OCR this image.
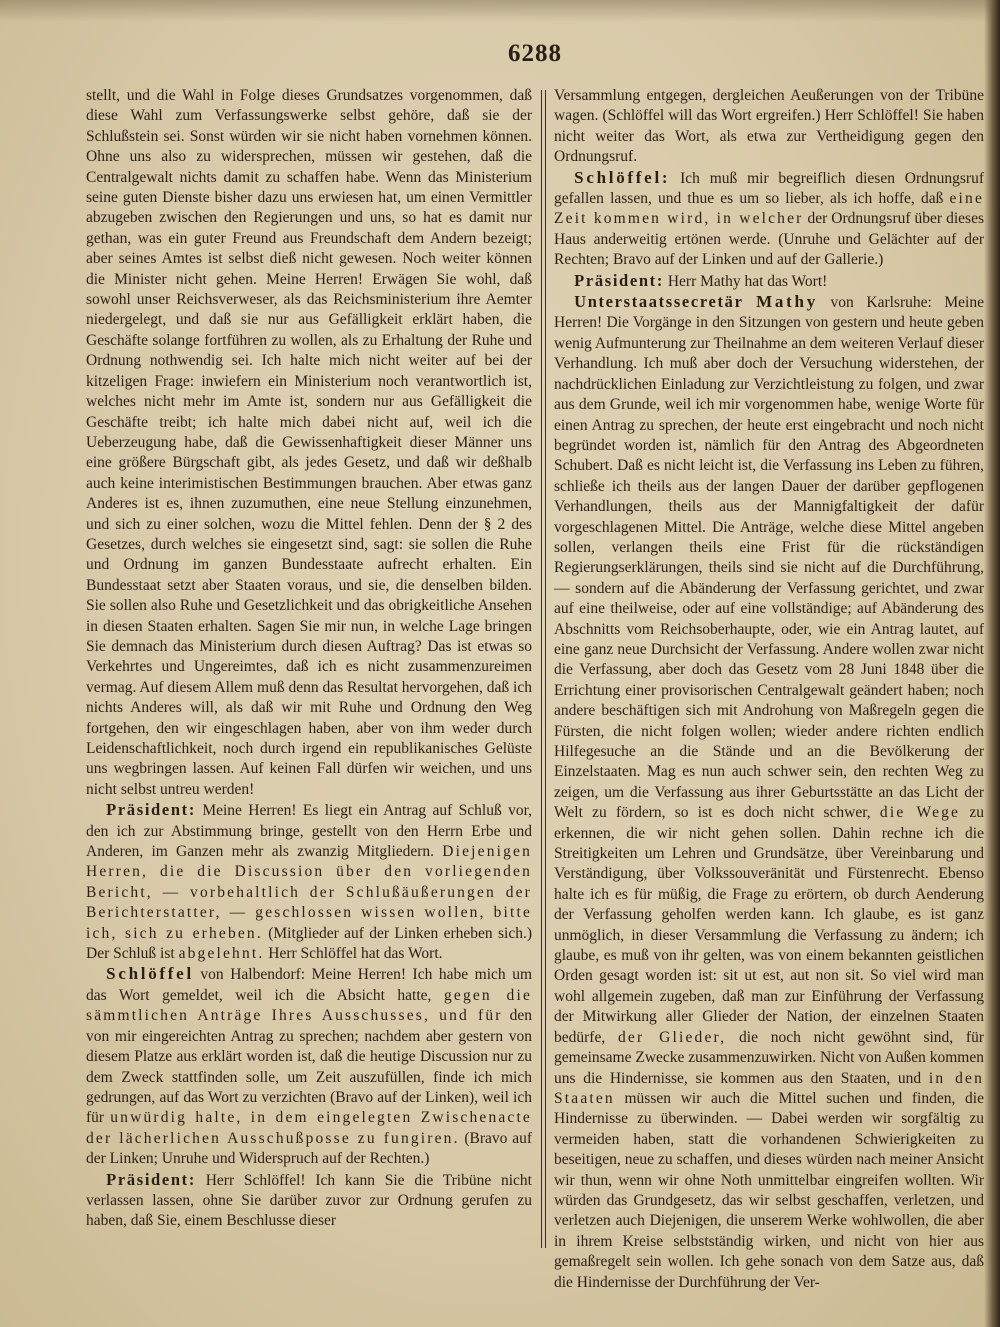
6288

stellt, und die Wahl in Folge dieses Grundsatzes vorgenommen, daß diese Wahl zum Verfassungswerke selbst gehöre, daß sie der Schlußstein sei. Sonst würden wir sie nicht haben vornehmen können. Ohne uns also zu widersprechen, müssen wir gestehen, daß die Centralgewalt nichts damit zu schaffen habe. Wenn das Ministerium seine guten Dienste bisher dazu uns erwiesen hat, um einen Vermittler abzugeben zwischen den Regierungen und uns, so hat es damit nur gethan, was ein guter Freund aus Freundschaft dem Andern bezeigt; aber seines Amtes ist selbst dieß nicht gewesen. Noch weiter können die Minister nicht gehen. Meine Herren! Erwägen Sie wohl, daß sowohl unser Reichsverweser, als das Reichsministerium ihre Aemter niedergelegt, und daß sie nur aus Gefälligkeit erklärt haben, die Geschäfte solange fortführen zu wollen, als zu Erhaltung der Ruhe und Ordnung nothwendig sei. Ich halte mich nicht weiter auf bei der kitzeligen Frage: inwiefern ein Ministerium noch verantwortlich ist, welches nicht mehr im Amte ist, sondern nur aus Gefälligkeit die Geschäfte treibt; ich halte mich dabei nicht auf, weil ich die Ueberzeugung habe, daß die Gewissenhaftigkeit dieser Männer uns eine größere Bürgschaft gibt, als jedes Gesetz, und daß wir deßhalb auch keine interimistischen Bestimmungen brauchen. Aber etwas ganz Anderes ist es, ihnen zuzumuthen, eine neue Stellung einzunehmen, und sich zu einer solchen, wozu die Mittel fehlen. Denn der § 2 des Gesetzes, durch welches sie eingesetzt sind, sagt: sie sollen die Ruhe und Ordnung im ganzen Bundesstaate aufrecht erhalten. Ein Bundesstaat setzt aber Staaten voraus, und sie, die denselben bilden. Sie sollen also Ruhe und Gesetzlichkeit und das obrigkeitliche Ansehen in diesen Staaten erhalten. Sagen Sie mir nun, in welche Lage bringen Sie demnach das Ministerium durch diesen Auftrag? Das ist etwas so Verkehrtes und Ungereimtes, daß ich es nicht zusammenzureimen vermag. Auf diesem Allem muß denn das Resultat hervorgehen, daß ich nichts Anderes will, als daß wir mit Ruhe und Ordnung den Weg fortgehen, den wir eingeschlagen haben, aber von ihm weder durch Leidenschaftlichkeit, noch durch irgend ein republikanisches Gelüste uns wegbringen lassen. Auf keinen Fall dürfen wir weichen, und uns nicht selbst untreu werden!

Präsident: Meine Herren! Es liegt ein Antrag auf Schluß vor, den ich zur Abstimmung bringe, gestellt von den Herrn Erbe und Anderen, im Ganzen mehr als zwanzig Mitgliedern. Diejenigen Herren, die die Discussion über den vorliegenden Bericht, — vorbehaltlich der Schlußäußerungen der Berichterstatter, — geschlossen wissen wollen, bitte ich, sich zu erheben. (Mitglieder auf der Linken erheben sich.) Der Schluß ist abgelehnt. Herr Schlöffel hat das Wort.

Schlöffel von Halbendorf: Meine Herren! Ich habe mich um das Wort gemeldet, weil ich die Absicht hatte, gegen die sämmtlichen Anträge Ihres Ausschusses, und für den von mir eingereichten Antrag zu sprechen; nachdem aber gestern von diesem Platze aus erklärt worden ist, daß die heutige Discussion nur zu dem Zweck stattfinden solle, um Zeit auszufüllen, finde ich mich gedrungen, auf das Wort zu verzichten (Bravo auf der Linken), weil ich für unwürdig halte, in dem eingelegten Zwischenacte der lächerlichen Ausschußposse zu fungiren. (Bravo auf der Linken; Unruhe und Widerspruch auf der Rechten.)

Präsident: Herr Schlöffel! Ich kann Sie die Tribüne nicht verlassen lassen, ohne Sie darüber zuvor zur Ordnung gerufen zu haben, daß Sie, einem Beschlusse dieser

Versammlung entgegen, dergleichen Aeußerungen von der Tribüne wagen. (Schlöffel will das Wort ergreifen.) Herr Schlöffel! Sie haben nicht weiter das Wort, als etwa zur Vertheidigung gegen den Ordnungsruf.

Schlöffel: Ich muß mir begreiflich diesen Ordnungsruf gefallen lassen, und thue es um so lieber, als ich hoffe, daß eine Zeit kommen wird, in welcher der Ordnungsruf über dieses Haus anderweitig ertönen werde. (Unruhe und Gelächter auf der Rechten; Bravo auf der Linken und auf der Gallerie.)

Präsident: Herr Mathy hat das Wort!

Unterstaatssecretär Mathy von Karlsruhe: Meine Herren! Die Vorgänge in den Sitzungen von gestern und heute geben wenig Aufmunterung zur Theilnahme an dem weiteren Verlauf dieser Verhandlung. Ich muß aber doch der Versuchung widerstehen, der nachdrücklichen Einladung zur Verzichtleistung zu folgen, und zwar aus dem Grunde, weil ich mir vorgenommen habe, wenige Worte für einen Antrag zu sprechen, der heute erst eingebracht und noch nicht begründet worden ist, nämlich für den Antrag des Abgeordneten Schubert. Daß es nicht leicht ist, die Verfassung ins Leben zu führen, schließe ich theils aus der langen Dauer der darüber gepflogenen Verhandlungen, theils aus der Mannigfaltigkeit der dafür vorgeschlagenen Mittel. Die Anträge, welche diese Mittel angeben sollen, verlangen theils eine Frist für die rückständigen Regierungserklärungen, theils sind sie nicht auf die Durchführung, — sondern auf die Abänderung der Verfassung gerichtet, und zwar auf eine theilweise, oder auf eine vollständige; auf Abänderung des Abschnitts vom Reichsoberhaupte, oder, wie ein Antrag lautet, auf eine ganz neue Durchsicht der Verfassung. Andere wollen zwar nicht die Verfassung, aber doch das Gesetz vom 28 Juni 1848 über die Errichtung einer provisorischen Centralgewalt geändert haben; noch andere beschäftigen sich mit Androhung von Maßregeln gegen die Fürsten, die nicht folgen wollen; wieder andere richten endlich Hilfegesuche an die Stände und an die Bevölkerung der Einzelstaaten. Mag es nun auch schwer sein, den rechten Weg zu zeigen, um die Verfassung aus ihrer Geburtsstätte an das Licht der Welt zu fördern, so ist es doch nicht schwer, die Wege zu erkennen, die wir nicht gehen sollen. Dahin rechne ich die Streitigkeiten um Lehren und Grundsätze, über Vereinbarung und Verständigung, über Volkssouveränität und Fürstenrecht. Ebenso halte ich es für müßig, die Frage zu erörtern, ob durch Aenderung der Verfassung geholfen werden kann. Ich glaube, es ist ganz unmöglich, in dieser Versammlung die Verfassung zu ändern; ich glaube, es muß von ihr gelten, was von einem bekannten geistlichen Orden gesagt worden ist: sit ut est, aut non sit. So viel wird man wohl allgemein zugeben, daß man zur Einführung der Verfassung der Mitwirkung aller Glieder der Nation, der einzelnen Staaten bedürfe, der Glieder, die noch nicht gewöhnt sind, für gemeinsame Zwecke zusammenzuwirken. Nicht von Außen kommen uns die Hindernisse, sie kommen aus den Staaten, und in den Staaten müssen wir auch die Mittel suchen und finden, die Hindernisse zu überwinden. — Dabei werden wir sorgfältig zu vermeiden haben, statt die vorhandenen Schwierigkeiten zu beseitigen, neue zu schaffen, und dieses würden nach meiner Ansicht wir thun, wenn wir ohne Noth unmittelbar eingreifen wollten. Wir würden das Grundgesetz, das wir selbst geschaffen, verletzen, und verletzen auch Diejenigen, die unserem Werke wohlwollen, die aber in ihrem Kreise selbstständig wirken, und nicht von hier aus gemaßregelt sein wollen. Ich gehe sonach von dem Satze aus, daß die Hindernisse der Durchführung der Ver-
